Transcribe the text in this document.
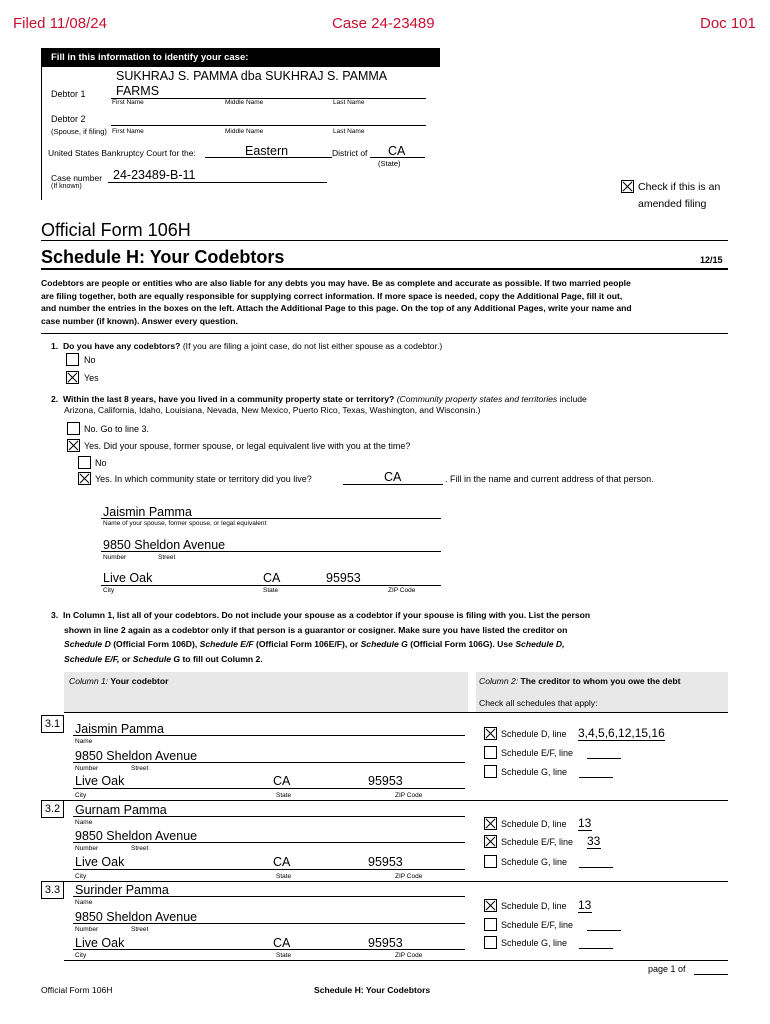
Filed 11/08/24	Case 24-23489	Doc 101
Fill in this information to identify your case:
Debtor 1
SUKHRAJ S. PAMMA dba SUKHRAJ S. PAMMA
FARMS
First Name	Middle Name	Last Name
Debtor 2
(Spouse, if filing) First Name	Middle Name	Last Name
United States Bankruptcy Court for the:	Eastern	District of CA
(State)
Case number
(If known)
24-23489-B-11
Check if this is an
amended filing
Official Form 106H
Schedule H: Your Codebtors	12/15
Codebtors are people or entities who are also liable for any debts you may have. Be as complete and accurate as possible. If two married people
are filing together, both are equally responsible for supplying correct information. If more space is needed, copy the Additional Page, fill it out,
and number the entries in the boxes on the left. Attach the Additional Page to this page. On the top of any Additional Pages, write your name and
case number (if known). Answer every question.
1. Do you have any codebtors? (If you are filing a joint case, do not list either spouse as a codebtor.)
No
Yes
2. Within the last 8 years, have you lived in a community property state or territory? (Community property states and territories include
Arizona, California, Idaho, Louisiana, Nevada, New Mexico, Puerto Rico, Texas, Washington, and Wisconsin.)
No. Go to line 3.
Yes. Did your spouse, former spouse, or legal equivalent live with you at the time?
No
Yes. In which community state or territory did you live?	CA	. Fill in the name and current address of that person.
Jaismin Pamma
Name of your spouse, former spouse, or legal equivalent
9850 Sheldon Avenue
Number	Street
Live Oak	CA	95953
City	State	ZIP Code
3. In Column 1, list all of your codebtors. Do not include your spouse as a codebtor if your spouse is filing with you. List the person
shown in line 2 again as a codebtor only if that person is a guarantor or cosigner. Make sure you have listed the creditor on
Schedule D (Official Form 106D), Schedule E/F (Official Form 106E/F), or Schedule G (Official Form 106G). Use Schedule D,
Schedule E/F, or Schedule G to fill out Column 2.
Column 1: Your codebtor	Column 2: The creditor to whom you owe the debt
Check all schedules that apply:
3.1	Jaismin Pamma
Name
9850 Sheldon Avenue
Number	Street
Live Oak	CA	95953
City	State	ZIP Code
Schedule D, line 3,4,5,6,12,15,16
Schedule E/F, line
Schedule G, line
3.2	Gurnam Pamma
Name
9850 Sheldon Avenue
Number	Street
Live Oak	CA	95953
City	State	ZIP Code
Schedule D, line 13
Schedule E/F, line 33
Schedule G, line
3.3	Surinder Pamma
Name
9850 Sheldon Avenue
Number	Street
Live Oak	CA	95953
City	State	ZIP Code
Schedule D, line 13
Schedule E/F, line
Schedule G, line
page 1 of
Official Form 106H	Schedule H: Your Codebtors
